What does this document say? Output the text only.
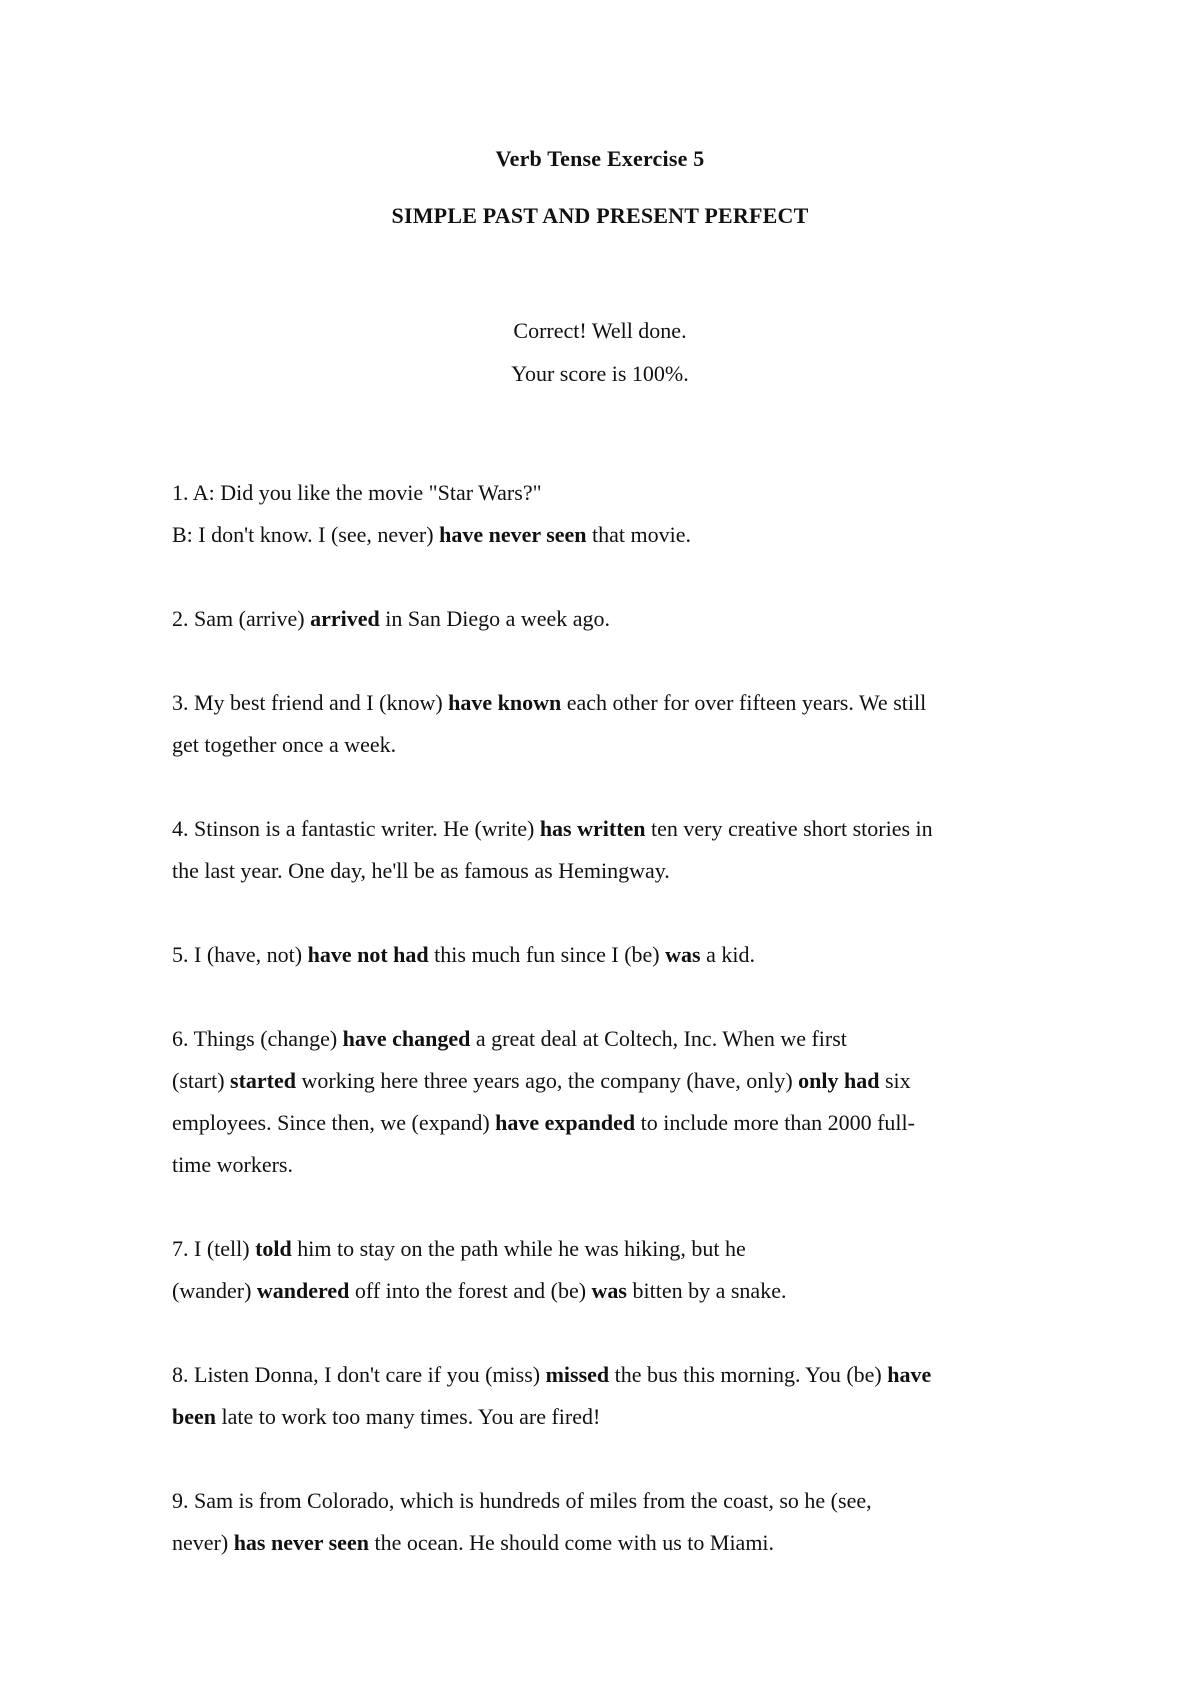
Verb Tense Exercise 5
SIMPLE PAST AND PRESENT PERFECT
Correct! Well done.
Your score is 100%.
1. A: Did you like the movie "Star Wars?"
B: I don't know. I (see, never) have never seen that movie.
2. Sam (arrive) arrived in San Diego a week ago.
3. My best friend and I (know) have known each other for over fifteen years. We still
get together once a week.
4. Stinson is a fantastic writer. He (write) has written ten very creative short stories in
the last year. One day, he'll be as famous as Hemingway.
5. I (have, not) have not had this much fun since I (be) was a kid.
6. Things (change) have changed a great deal at Coltech, Inc. When we first
(start) started working here three years ago, the company (have, only) only had six
employees. Since then, we (expand) have expanded to include more than 2000 full-
time workers.
7. I (tell) told him to stay on the path while he was hiking, but he
(wander) wandered off into the forest and (be) was bitten by a snake.
8. Listen Donna, I don't care if you (miss) missed the bus this morning. You (be) have
been late to work too many times. You are fired!
9. Sam is from Colorado, which is hundreds of miles from the coast, so he (see,
never) has never seen the ocean. He should come with us to Miami.
